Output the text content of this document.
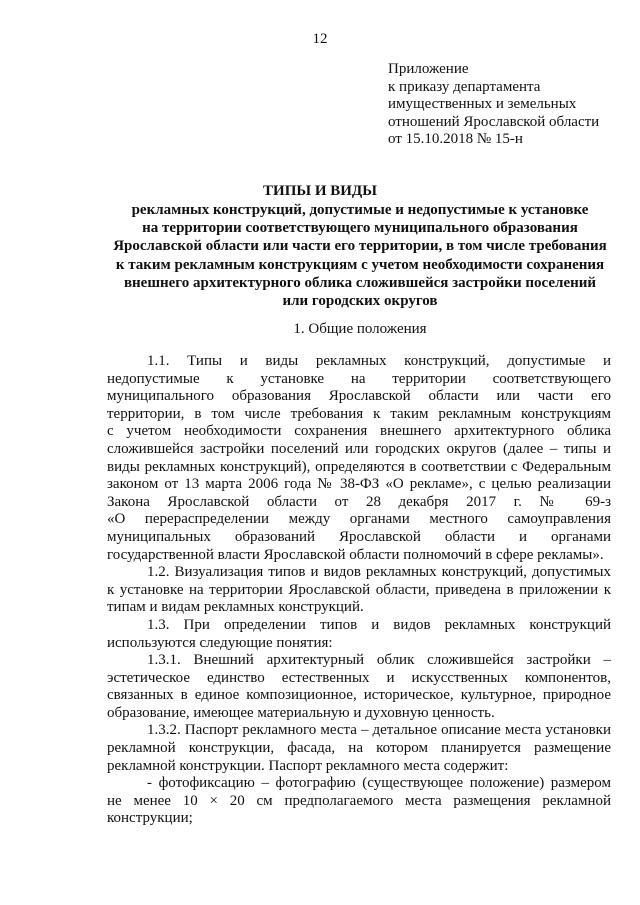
12
Приложение
к приказу департамента
имущественных и земельных
отношений Ярославской области
от 15.10.2018 № 15-н
ТИПЫ И ВИДЫ
рекламных конструкций, допустимые и недопустимые к установке
на территории соответствующего муниципального образования
Ярославской области или части его территории, в том числе требования
к таким рекламным конструкциям с учетом необходимости сохранения
внешнего архитектурного облика сложившейся застройки поселений
или городских округов
1. Общие положения
1.1. Типы и виды рекламных конструкций, допустимые и
недопустимые к установке на территории соответствующего
муниципального образования Ярославской области или части его
территории, в том числе требования к таким рекламным конструкциям
с учетом необходимости сохранения внешнего архитектурного облика
сложившейся застройки поселений или городских округов (далее – типы и
виды рекламных конструкций), определяются в соответствии с Федеральным
законом от 13 марта 2006 года № 38-ФЗ «О рекламе», с целью реализации
Закона Ярославской области от 28 декабря 2017 г. № 69-з
«О перераспределении между органами местного самоуправления
муниципальных образований Ярославской области и органами
государственной власти Ярославской области полномочий в сфере рекламы».
1.2. Визуализация типов и видов рекламных конструкций, допустимых
к установке на территории Ярославской области, приведена в приложении к
типам и видам рекламных конструкций.
1.3. При определении типов и видов рекламных конструкций
используются следующие понятия:
1.3.1. Внешний архитектурный облик сложившейся застройки –
эстетическое единство естественных и искусственных компонентов,
связанных в единое композиционное, историческое, культурное, природное
образование, имеющее материальную и духовную ценность.
1.3.2. Паспорт рекламного места – детальное описание места установки
рекламной конструкции, фасада, на котором планируется размещение
рекламной конструкции. Паспорт рекламного места содержит:
- фотофиксацию – фотографию (существующее положение) размером
не менее 10 × 20 см предполагаемого места размещения рекламной
конструкции;
